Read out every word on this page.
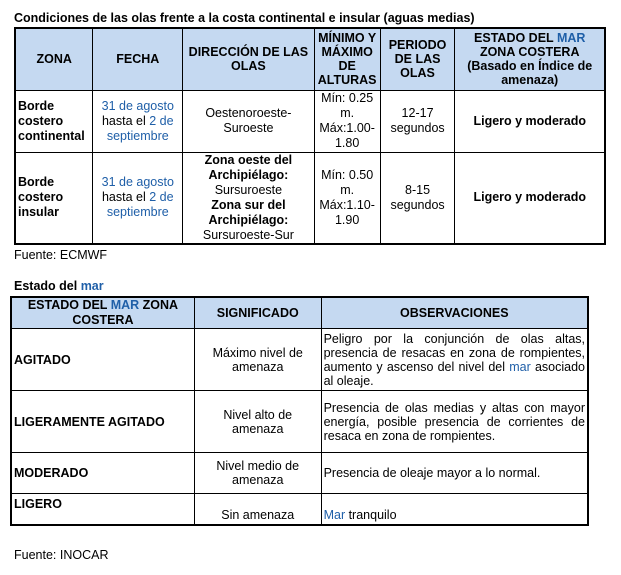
Condiciones de las olas frente a la costa continental e insular (aguas medias)
ZONA	FECHA	DIRECCIÓN DE LAS OLAS	MÍNIMO Y MÁXIMO DE ALTURAS	PERIODO DE LAS OLAS	ESTADO DEL MAR ZONA COSTERA
(Basado en Índice de amenaza)
Borde costero continental	31 de agosto hasta el 2 de septiembre	Oestenoroeste-Suroeste	Mín: 0.25 m. Máx:1.00-1.80	12-17 segundos	Ligero y moderado
Borde costero insular	31 de agosto hasta el 2 de septiembre	Zona oeste del Archipiélago:
Sursuroeste
Zona sur del Archipiélago:
Sursuroeste-Sur	Mín: 0.50 m. Máx:1.10-1.90	8-15 segundos	Ligero y moderado
Fuente: ECMWF
Estado del mar
ESTADO DEL MAR ZONA COSTERA	SIGNIFICADO	OBSERVACIONES
AGITADO	Máximo nivel de amenaza	Peligro por la conjunción de olas altas, presencia de resacas en zona de rompientes, aumento y ascenso del nivel del mar asociado al oleaje.
LIGERAMENTE AGITADO	Nivel alto de amenaza	Presencia de olas medias y altas con mayor energía, posible presencia de corrientes de resaca en zona de rompientes.
MODERADO	Nivel medio de amenaza	Presencia de oleaje mayor a lo normal.
LIGERO	Sin amenaza	Mar tranquilo
Fuente: INOCAR
